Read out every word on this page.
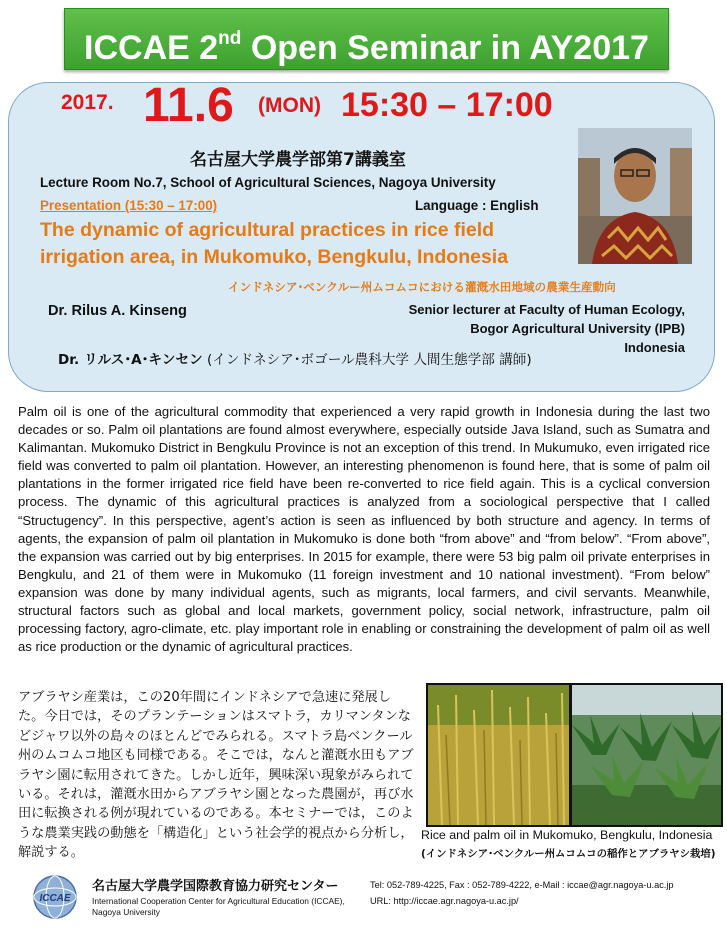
ICCAE 2nd Open Seminar in AY2017
2017. 11.6 (MON) 15:30 – 17:00
名古屋大学農学部第7講義室
Lecture Room No.7, School of Agricultural Sciences, Nagoya University
Presentation (15:30 – 17:00)	Language : English
The dynamic of agricultural practices in rice field
irrigation area, in Mukomuko, Bengkulu, Indonesia
インドネシア･ベンクルー州ムコムコにおける灌漑水田地域の農業生産動向
Dr. Rilus A. Kinseng	Senior lecturer at Faculty of Human Ecology,
Bogor Agricultural University (IPB)
Indonesia
Dr. リルス･A･キンセン (インドネシア･ボゴール農科大学 人間生態学部 講師)
Palm oil is one of the agricultural commodity that experienced a very rapid growth in Indonesia during the last two decades or so. Palm oil plantations are found almost everywhere, especially outside Java Island, such as Sumatra and Kalimantan. Mukomuko District in Bengkulu Province is not an exception of this trend. In Mukumuko, even irrigated rice field was converted to palm oil plantation. However, an interesting phenomenon is found here, that is some of palm oil plantations in the former irrigated rice field have been re-converted to rice field again. This is a cyclical conversion process. The dynamic of this agricultural practices is analyzed from a sociological perspective that I called “Structugency”. In this perspective, agent’s action is seen as influenced by both structure and agency. In terms of agents, the expansion of palm oil plantation in Mukomuko is done both “from above” and “from below”. “From above”, the expansion was carried out by big enterprises. In 2015 for example, there were 53 big palm oil private enterprises in Bengkulu, and 21 of them were in Mukomuko (11 foreign investment and 10 national investment). “From below” expansion was done by many individual agents, such as migrants, local farmers, and civil servants. Meanwhile, structural factors such as global and local markets, government policy, social network, infrastructure, palm oil processing factory, agro-climate, etc. play important role in enabling or constraining the development of palm oil as well as rice production or the dynamic of agricultural practices.
アブラヤシ産業は，この20年間にインドネシアで急速に発展した。今日では，そのプランテーションはスマトラ，カリマンタンなどジャワ以外の島々のほとんどでみられる。スマトラ島ベンクール州のムコムコ地区も同様である。そこでは，なんと灌漑水田もアブラヤシ園に転用されてきた。しかし近年，興味深い現象がみられている。それは，灌漑水田からアブラヤシ園となった農園が，再び水田に転換される例が現れているのである。本セミナーでは，このような農業実践の動態を「構造化」という社会学的視点から分析し，解説する。
Rice and palm oil in Mukomuko, Bengkulu, Indonesia
(インドネシア･ベンクルー州ムコムコの稲作とアブラヤシ栽培)
ICCAE
名古屋大学農学国際教育協力研究センター
International Cooperation Center for Agricultural Education (ICCAE),
Nagoya University
Tel: 052-789-4225, Fax : 052-789-4222, e-Mail : iccae@agr.nagoya-u.ac.jp
URL: http://iccae.agr.nagoya-u.ac.jp/
